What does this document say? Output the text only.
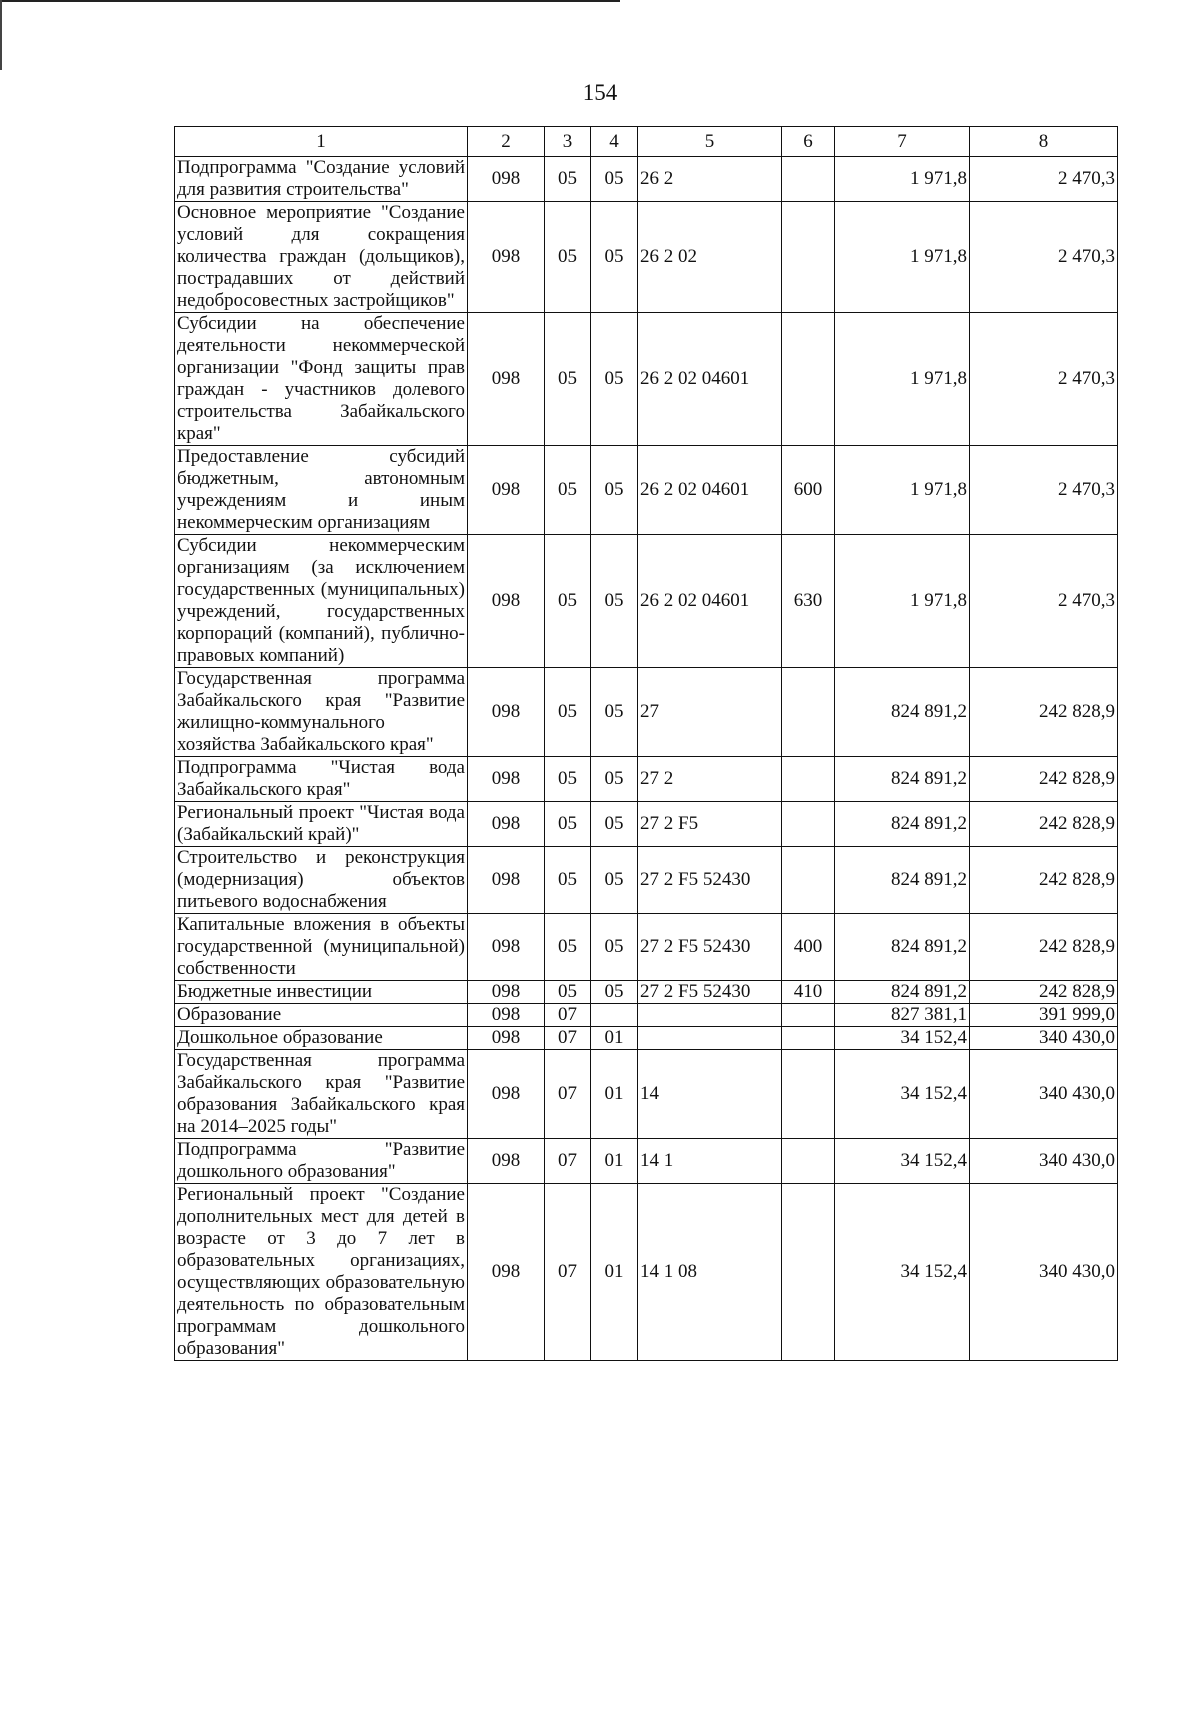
154
1	2	3	4	5	6	7	8
Подпрограмма "Создание условий для развития строительства"	098	05	05	26 2		1 971,8	2 470,3
Основное мероприятие "Создание условий для сокращения количества граждан (дольщиков), пострадавших от действий недобросовестных застройщиков"	098	05	05	26 2 02		1 971,8	2 470,3
Субсидии на обеспечение деятельности некоммерческой организации "Фонд защиты прав граждан - участников долевого строительства Забайкальского края"	098	05	05	26 2 02 04601		1 971,8	2 470,3
Предоставление субсидий бюджетным, автономным учреждениям и иным некоммерческим организациям	098	05	05	26 2 02 04601	600	1 971,8	2 470,3
Субсидии некоммерческим организациям (за исключением государственных (муниципальных) учреждений, государственных корпораций (компаний), публично-правовых компаний)	098	05	05	26 2 02 04601	630	1 971,8	2 470,3
Государственная программа Забайкальского края "Развитие жилищно-коммунального хозяйства Забайкальского края"	098	05	05	27		824 891,2	242 828,9
Подпрограмма "Чистая вода Забайкальского края"	098	05	05	27 2		824 891,2	242 828,9
Региональный проект "Чистая вода (Забайкальский край)"	098	05	05	27 2 F5		824 891,2	242 828,9
Строительство и реконструкция (модернизация) объектов питьевого водоснабжения	098	05	05	27 2 F5 52430		824 891,2	242 828,9
Капитальные вложения в объекты государственной (муниципальной) собственности	098	05	05	27 2 F5 52430	400	824 891,2	242 828,9
Бюджетные инвестиции	098	05	05	27 2 F5 52430	410	824 891,2	242 828,9
Образование	098	07				827 381,1	391 999,0
Дошкольное образование	098	07	01			34 152,4	340 430,0
Государственная программа Забайкальского края "Развитие образования Забайкальского края на 2014–2025 годы"	098	07	01	14		34 152,4	340 430,0
Подпрограмма "Развитие дошкольного образования"	098	07	01	14 1		34 152,4	340 430,0
Региональный проект "Создание дополнительных мест для детей в возрасте от 3 до 7 лет в образовательных организациях, осуществляющих образовательную деятельность по образовательным программам дошкольного образования"	098	07	01	14 1 08		34 152,4	340 430,0
